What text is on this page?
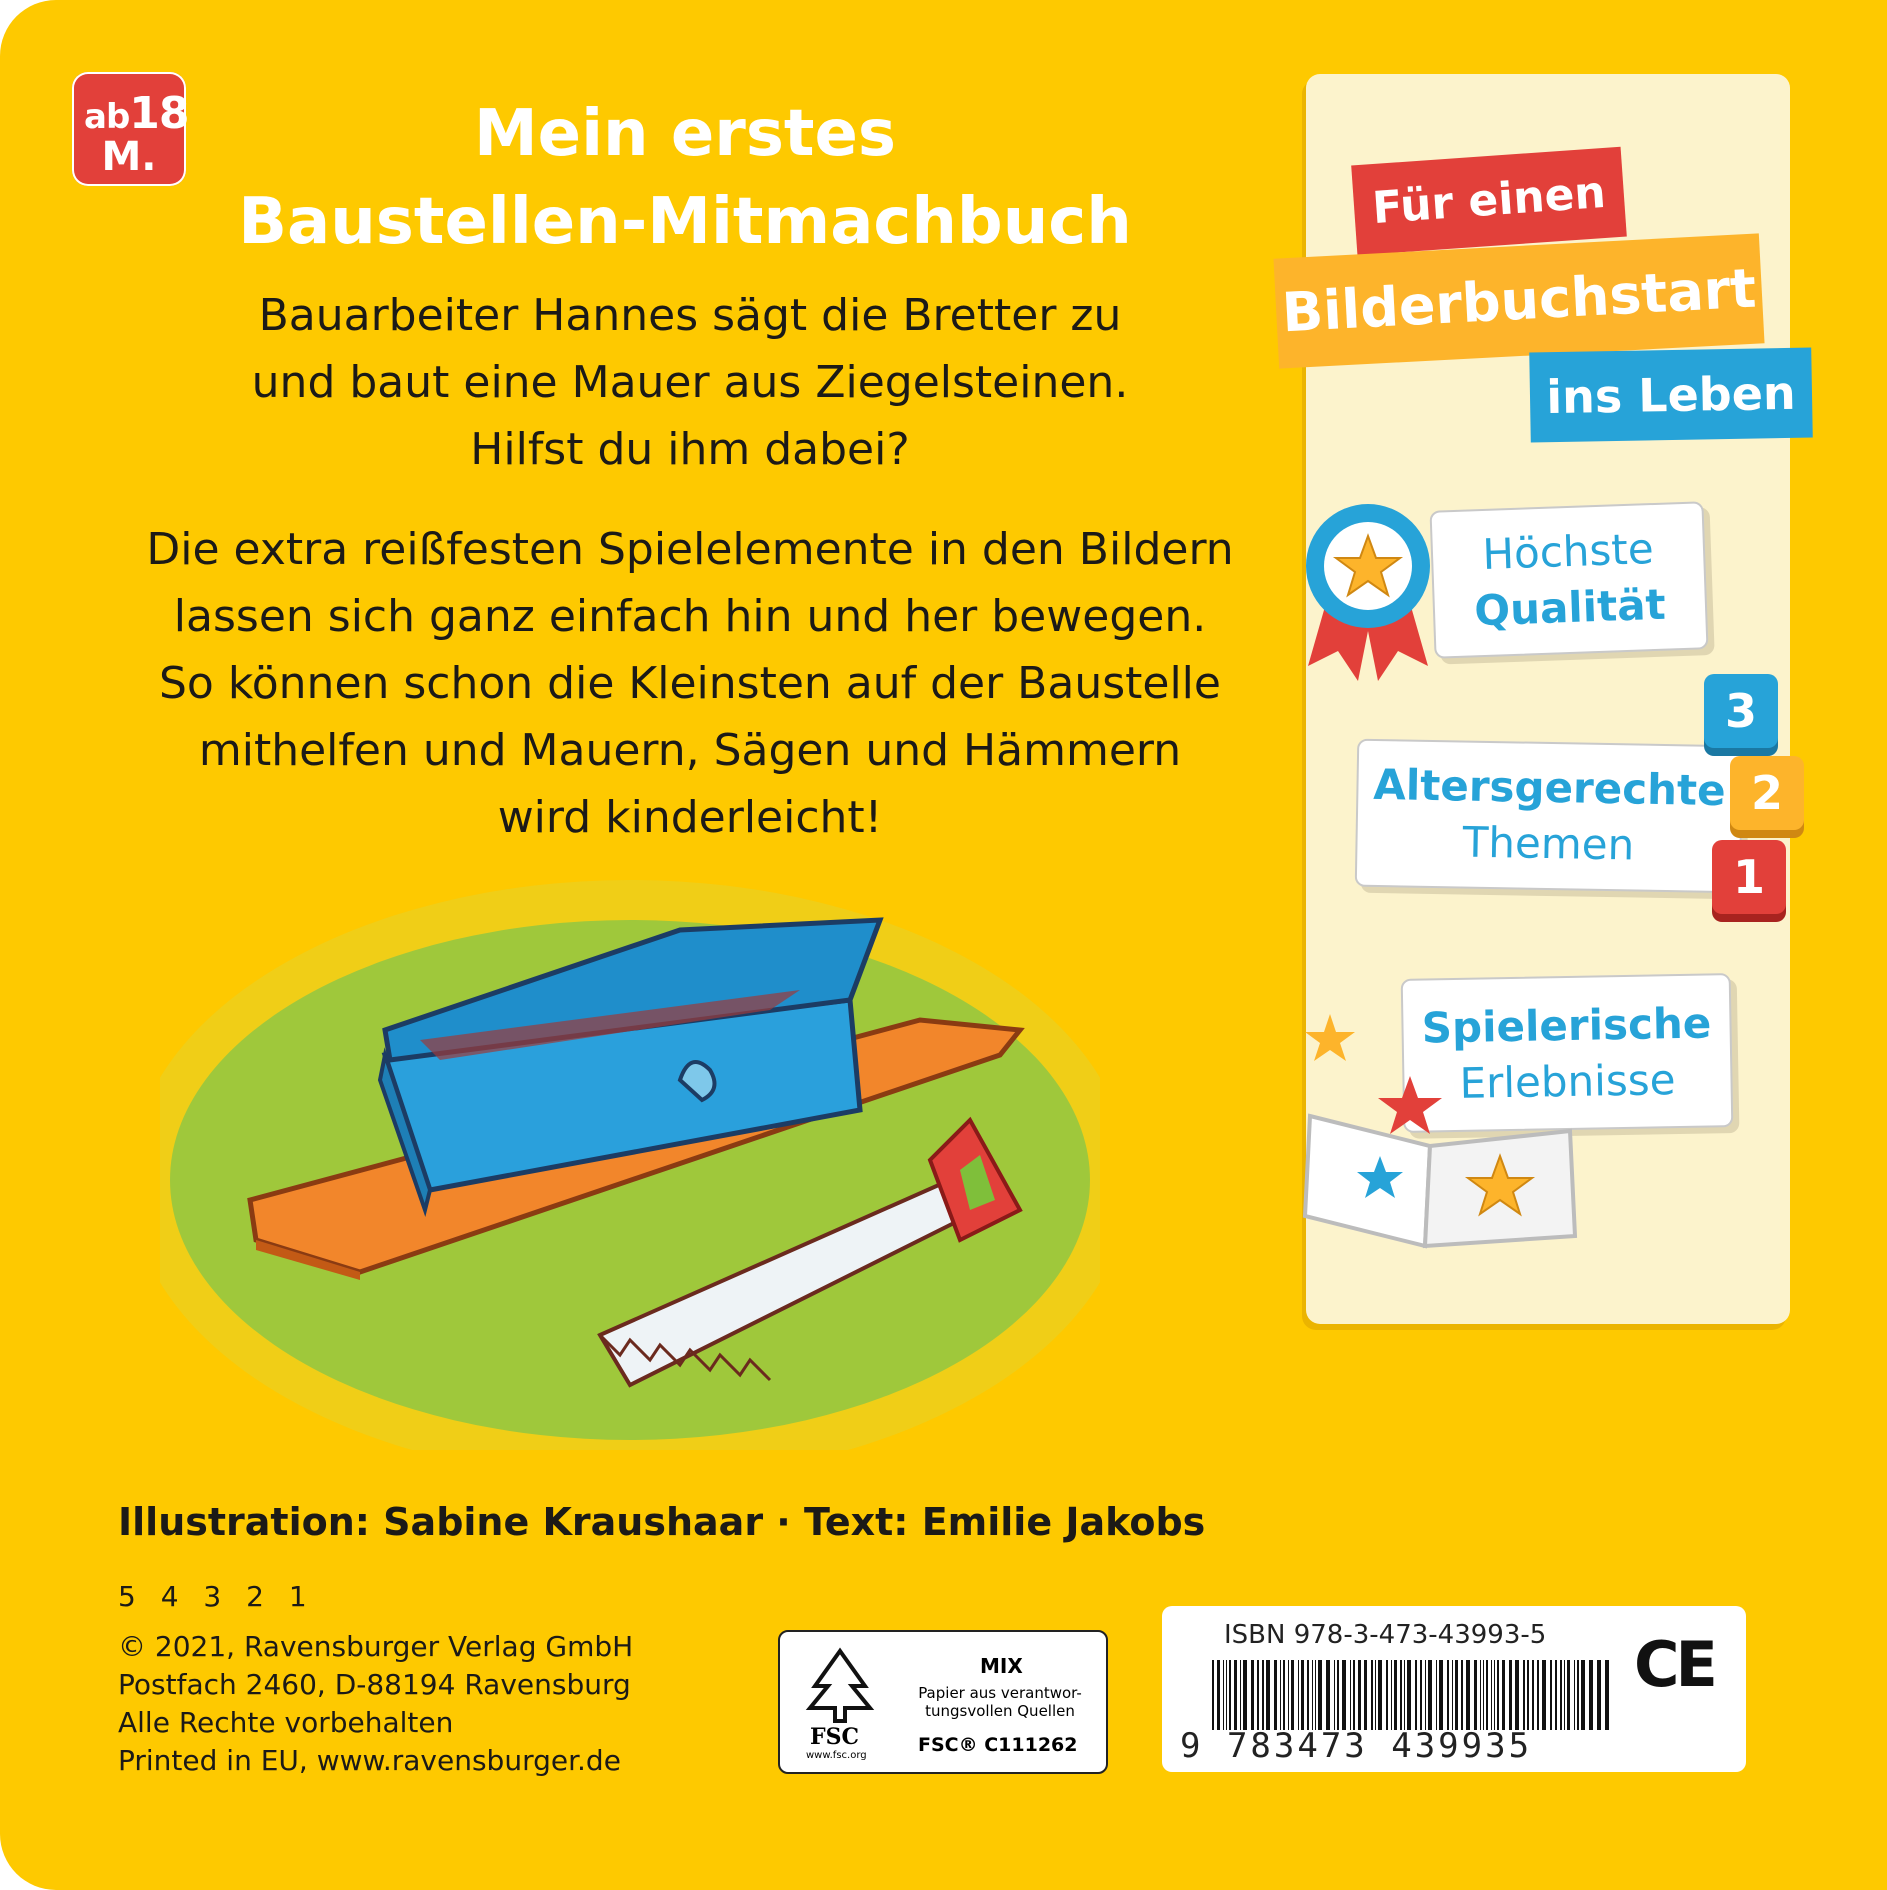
ab18
M.	Mein erstes
Baustellen-Mitmachbuch
Bauarbeiter Hannes sägt die Bretter zu
und baut eine Mauer aus Ziegelsteinen.
Hilfst du ihm dabei?
Die extra reißfesten Spielelemente in den Bildern
lassen sich ganz einfach hin und her bewegen.
So können schon die Kleinsten auf der Baustelle
mithelfen und Mauern, Sägen und Hämmern
wird kinderleicht!
Für einen
Bilderbuchstart
ins Leben
Höchste
Qualität
Altersgerechte
Themen
3
2
1
Spielerische
Erlebnisse
Illustration: Sabine Kraushaar · Text: Emilie Jakobs
5 4 3 2 1
© 2021, Ravensburger Verlag GmbH
Postfach 2460, D-88194 Ravensburg
Alle Rechte vorbehalten
Printed in EU, www.ravensburger.de
FSC
www.fsc.org
MIX
Papier aus verantwor-tungsvollen Quellen
FSC® C111262
ISBN 978-3-473-43993-5
9 783473 439935
CE
